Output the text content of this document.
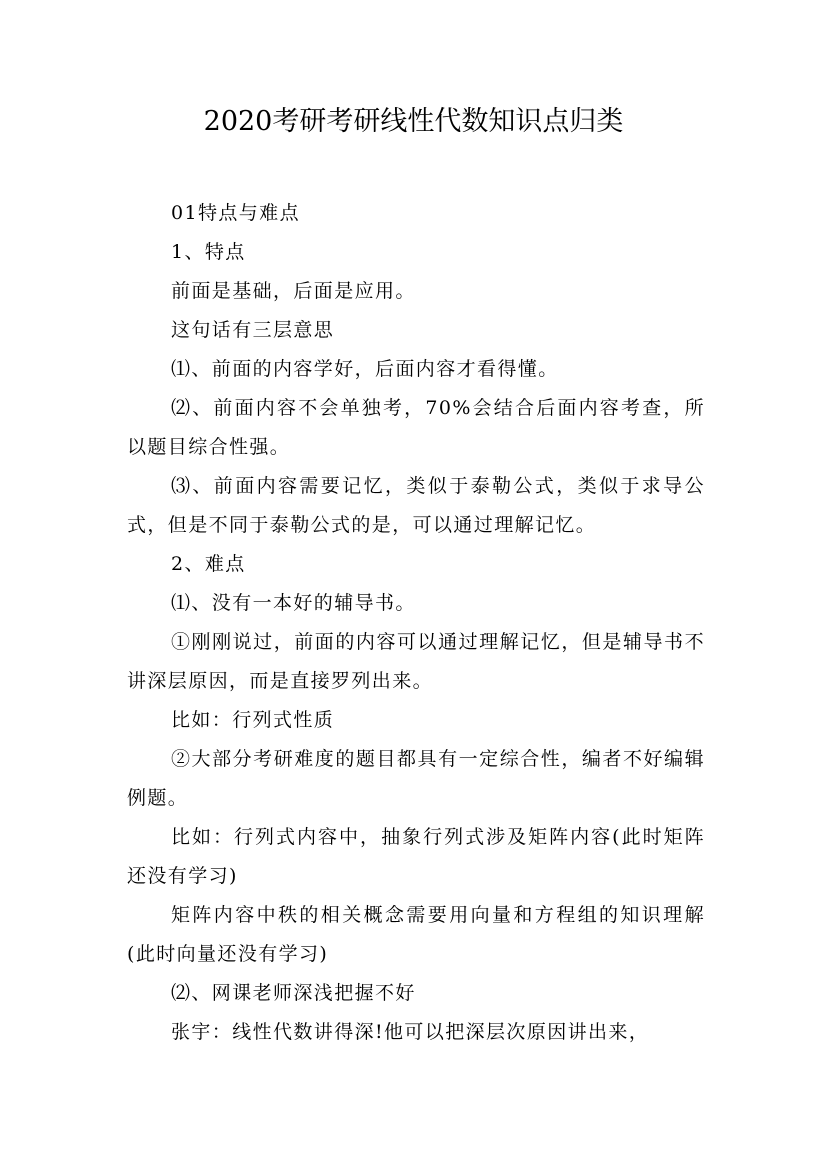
2020考研考研线性代数知识点归类

01特点与难点

1、特点

前面是基础，后面是应用。

这句话有三层意思

⑴、前面的内容学好，后面内容才看得懂。

⑵、前面内容不会单独考，70%会结合后面内容考查，所以题目综合性强。

⑶、前面内容需要记忆，类似于泰勒公式，类似于求导公式，但是不同于泰勒公式的是，可以通过理解记忆。

2、难点

⑴、没有一本好的辅导书。

①刚刚说过，前面的内容可以通过理解记忆，但是辅导书不讲深层原因，而是直接罗列出来。

比如：行列式性质

②大部分考研难度的题目都具有一定综合性，编者不好编辑例题。

比如：行列式内容中，抽象行列式涉及矩阵内容(此时矩阵还没有学习)

矩阵内容中秩的相关概念需要用向量和方程组的知识理解(此时向量还没有学习)

⑵、网课老师深浅把握不好

张宇：线性代数讲得深!他可以把深层次原因讲出来，
